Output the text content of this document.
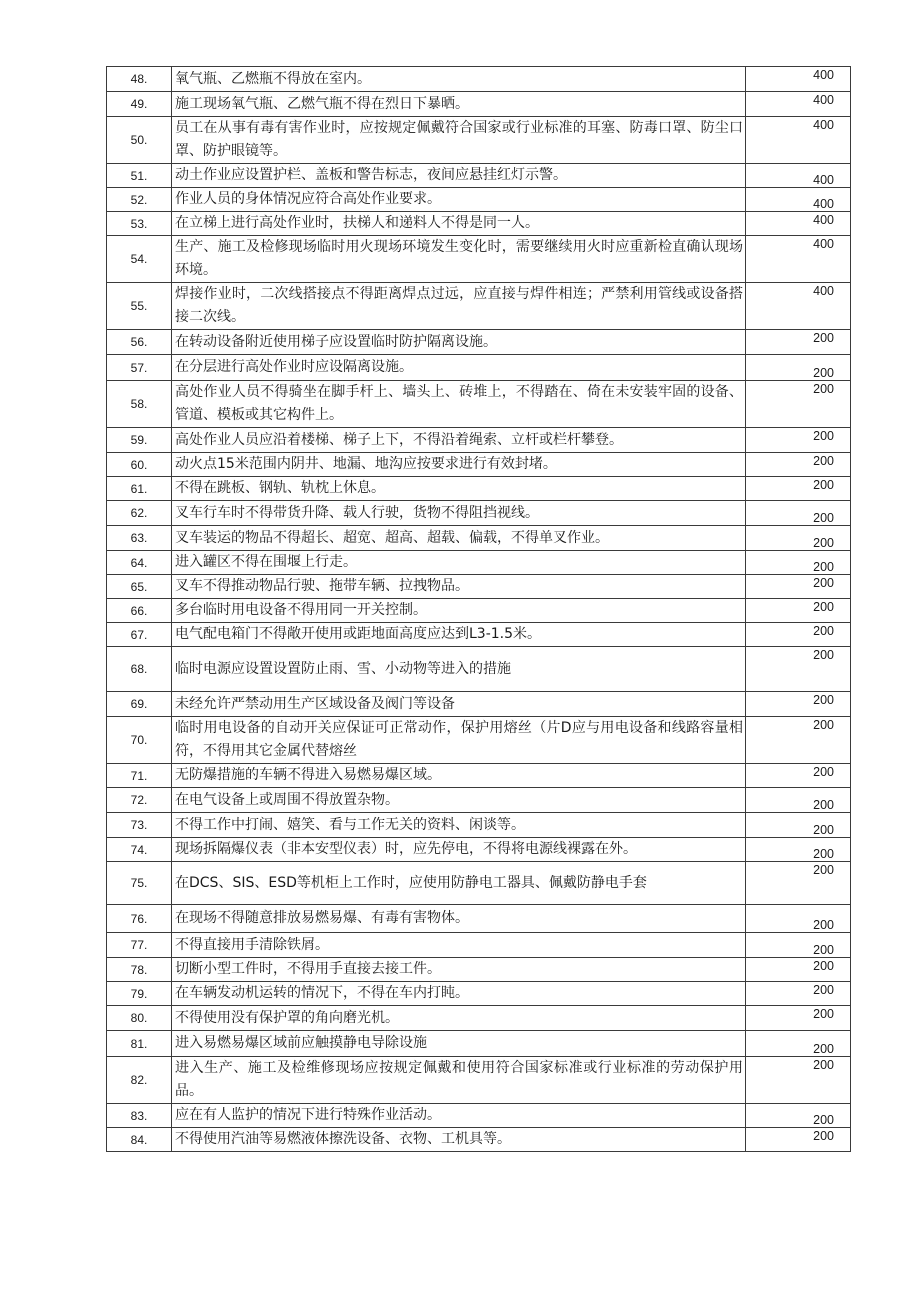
48.	氧气瓶、乙燃瓶不得放在室内。	400
49.	施工现场氧气瓶、乙燃气瓶不得在烈日下暴晒。	400
50.	员工在从事有毒有害作业时，应按规定佩戴符合国家或行业标准的耳塞、防毒口罩、防尘口罩、防护眼镜等。	400
51.	动土作业应设置护栏、盖板和警告标志，夜间应悬挂红灯示警。	400
52.	作业人员的身体情况应符合高处作业要求。	400
53.	在立梯上进行高处作业时，扶梯人和递料人不得是同一人。	400
54.	生产、施工及检修现场临时用火现场环境发生变化时，需要继续用火时应重新检直确认现场环境。	400
55.	焊接作业时，二次线搭接点不得距离焊点过远，应直接与焊件相连；严禁利用管线或设备搭接二次线。	400
56.	在转动设备附近使用梯子应设置临时防护隔离设施。	200
57.	在分层进行高处作业时应设隔离设施。	200
58.	高处作业人员不得骑坐在脚手杆上、墙头上、砖堆上，不得踏在、倚在未安装牢固的设备、管道、模板或其它构件上。	200
59.	高处作业人员应沿着楼梯、梯子上下，不得沿着绳索、立杆或栏杆攀登。	200
60.	动火点15米范围内阴井、地漏、地沟应按要求进行有效封堵。	200
61.	不得在跳板、钢轨、轨枕上休息。	200
62.	叉车行车时不得带货升降、载人行驶，货物不得阻挡视线。	200
63.	叉车装运的物品不得超长、超宽、超高、超载、偏载，不得单叉作业。	200
64.	进入罐区不得在围堰上行走。	200
65.	叉车不得推动物品行驶、拖带车辆、拉拽物品。	200
66.	多台临时用电设备不得用同一开关控制。	200
67.	电气配电箱门不得敞开使用或距地面高度应达到L3-1.5米。	200
68.	临时电源应设置设置防止雨、雪、小动物等进入的措施	200
69.	未经允许严禁动用生产区域设备及阀门等设备	200
70.	临时用电设备的自动开关应保证可正常动作，保护用熔丝（片D应与用电设备和线路容量相符，不得用其它金属代替熔丝	200
71.	无防爆措施的车辆不得进入易燃易爆区域。	200
72.	在电气设备上或周围不得放置杂物。	200
73.	不得工作中打闹、嬉笑、看与工作无关的资料、闲谈等。	200
74.	现场拆隔爆仪表（非本安型仪表）时，应先停电，不得将电源线裸露在外。	200
75.	在DCS、SIS、ESD等机柜上工作时，应使用防静电工器具、佩戴防静电手套	200
76.	在现场不得随意排放易燃易爆、有毒有害物体。	200
77.	不得直接用手清除铁屑。	200
78.	切断小型工件时，不得用手直接去接工件。	200
79.	在车辆发动机运转的情况下，不得在车内打盹。	200
80.	不得使用没有保护罩的角向磨光机。	200
81.	进入易燃易爆区域前应触摸静电导除设施	200
82.	进入生产、施工及检维修现场应按规定佩戴和使用符合国家标准或行业标准的劳动保护用品。	200
83.	应在有人监护的情况下进行特殊作业活动。	200
84.	不得使用汽油等易燃液体擦洗设备、衣物、工机具等。	200
